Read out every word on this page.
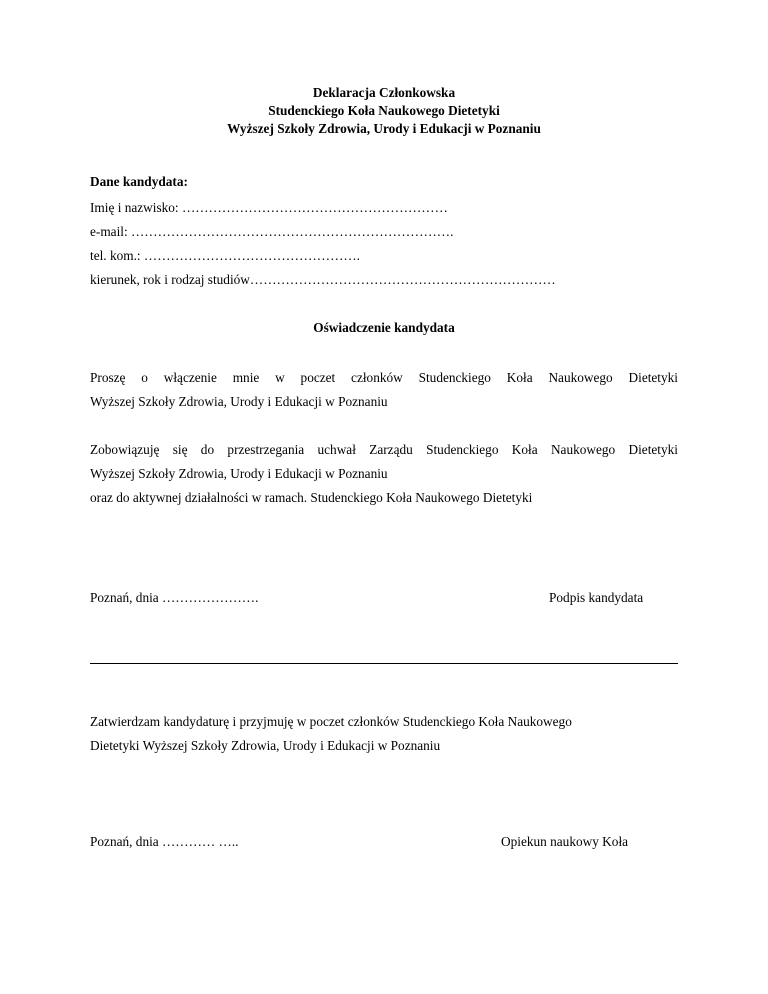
Deklaracja Członkowska
Studenckiego Koła Naukowego Dietetyki
Wyższej Szkoły Zdrowia, Urody i Edukacji w Poznaniu
Dane kandydata:
Imię i nazwisko: ……………………………………………………
e-mail: ……………………………………………………………….
tel. kom.: ………………………………………….
kierunek, rok i rodzaj studiów……………………………………………………………
Oświadczenie kandydata
Proszę o włączenie mnie w poczet członków Studenckiego Koła Naukowego Dietetyki
Wyższej Szkoły Zdrowia, Urody i Edukacji w Poznaniu
Zobowiązuję się do przestrzegania uchwał Zarządu Studenckiego Koła Naukowego Dietetyki
Wyższej Szkoły Zdrowia, Urody i Edukacji w Poznaniu
oraz do aktywnej działalności w ramach. Studenckiego Koła Naukowego Dietetyki
Poznań, dnia ………………….	Podpis kandydata
Zatwierdzam kandydaturę i przyjmuję w poczet członków Studenckiego Koła Naukowego
Dietetyki Wyższej Szkoły Zdrowia, Urody i Edukacji w Poznaniu
Poznań, dnia ………… …..	Opiekun naukowy Koła
